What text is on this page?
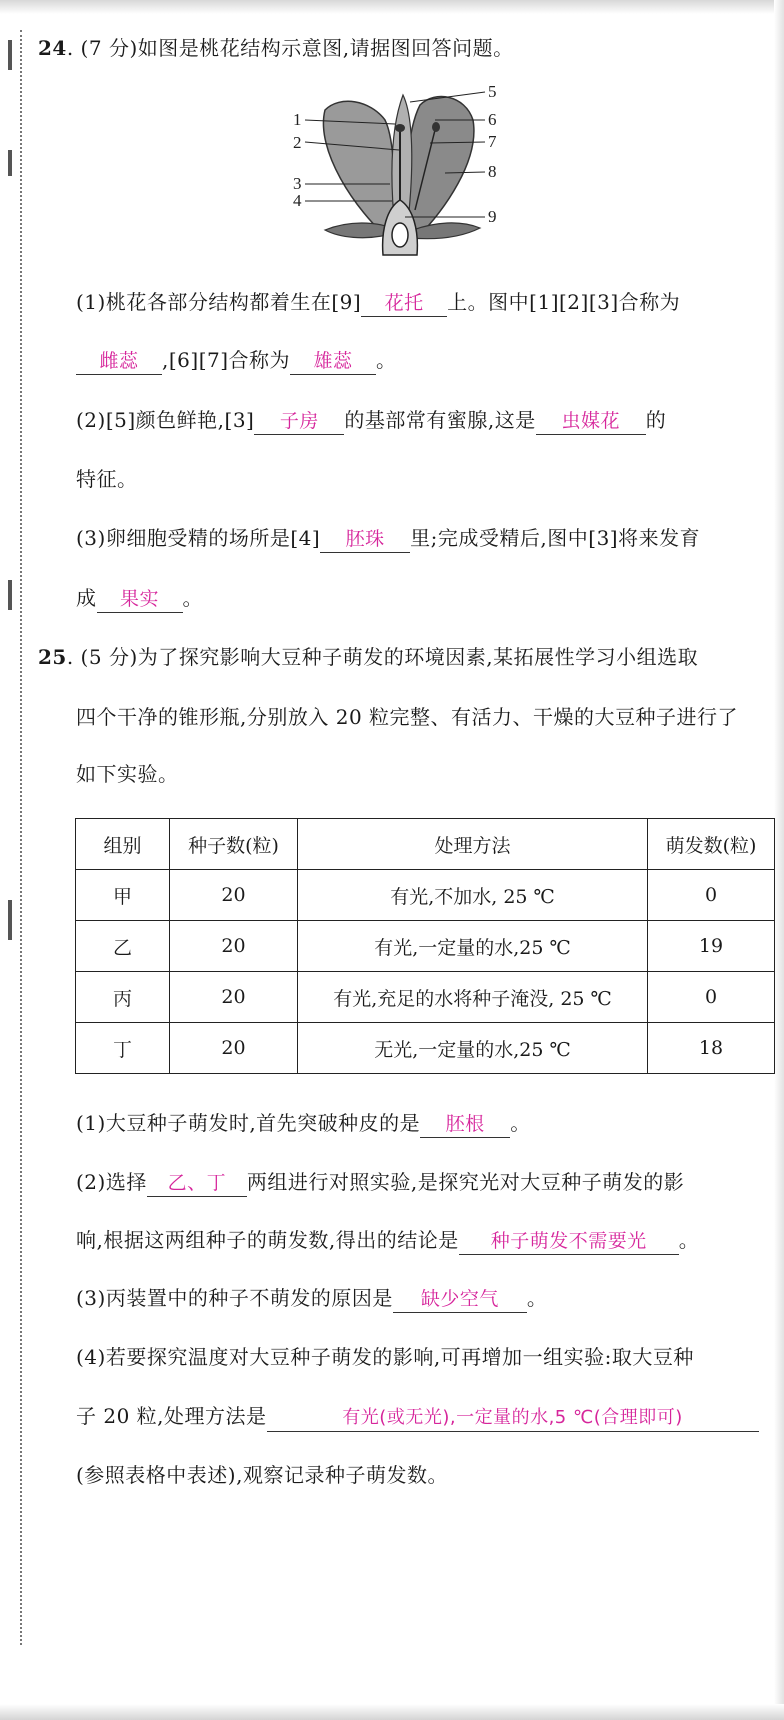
24. (7 分)如图是桃花结构示意图,请据图回答问题。
1
2
3
4
5
6
7
8
9
(1)桃花各部分结构都着生在[9] 花托 上。图中[1][2][3]合称为
雌蕊 ,[6][7]合称为 雄蕊 。
(2)[5]颜色鲜艳,[3] 子房 的基部常有蜜腺,这是 虫媒花 的
特征。
(3)卵细胞受精的场所是[4] 胚珠 里;完成受精后,图中[3]将来发育
成 果实 。
25. (5 分)为了探究影响大豆种子萌发的环境因素,某拓展性学习小组选取
四个干净的锥形瓶,分别放入 20 粒完整、有活力、干燥的大豆种子进行了
如下实验。
组别	种子数(粒)	处理方法	萌发数(粒)
甲	20	有光,不加水, 25 ℃	0
乙	20	有光,一定量的水,25 ℃	19
丙	20	有光,充足的水将种子淹没, 25 ℃	0
丁	20	无光,一定量的水,25 ℃	18
(1)大豆种子萌发时,首先突破种皮的是 胚根 。
(2)选择 乙、丁 两组进行对照实验,是探究光对大豆种子萌发的影
响,根据这两组种子的萌发数,得出的结论是 种子萌发不需要光 。
(3)丙装置中的种子不萌发的原因是 缺少空气 。
(4)若要探究温度对大豆种子萌发的影响,可再增加一组实验:取大豆种
子 20 粒,处理方法是	有光(或无光),一定量的水,5 ℃(合理即可)
(参照表格中表述),观察记录种子萌发数。
